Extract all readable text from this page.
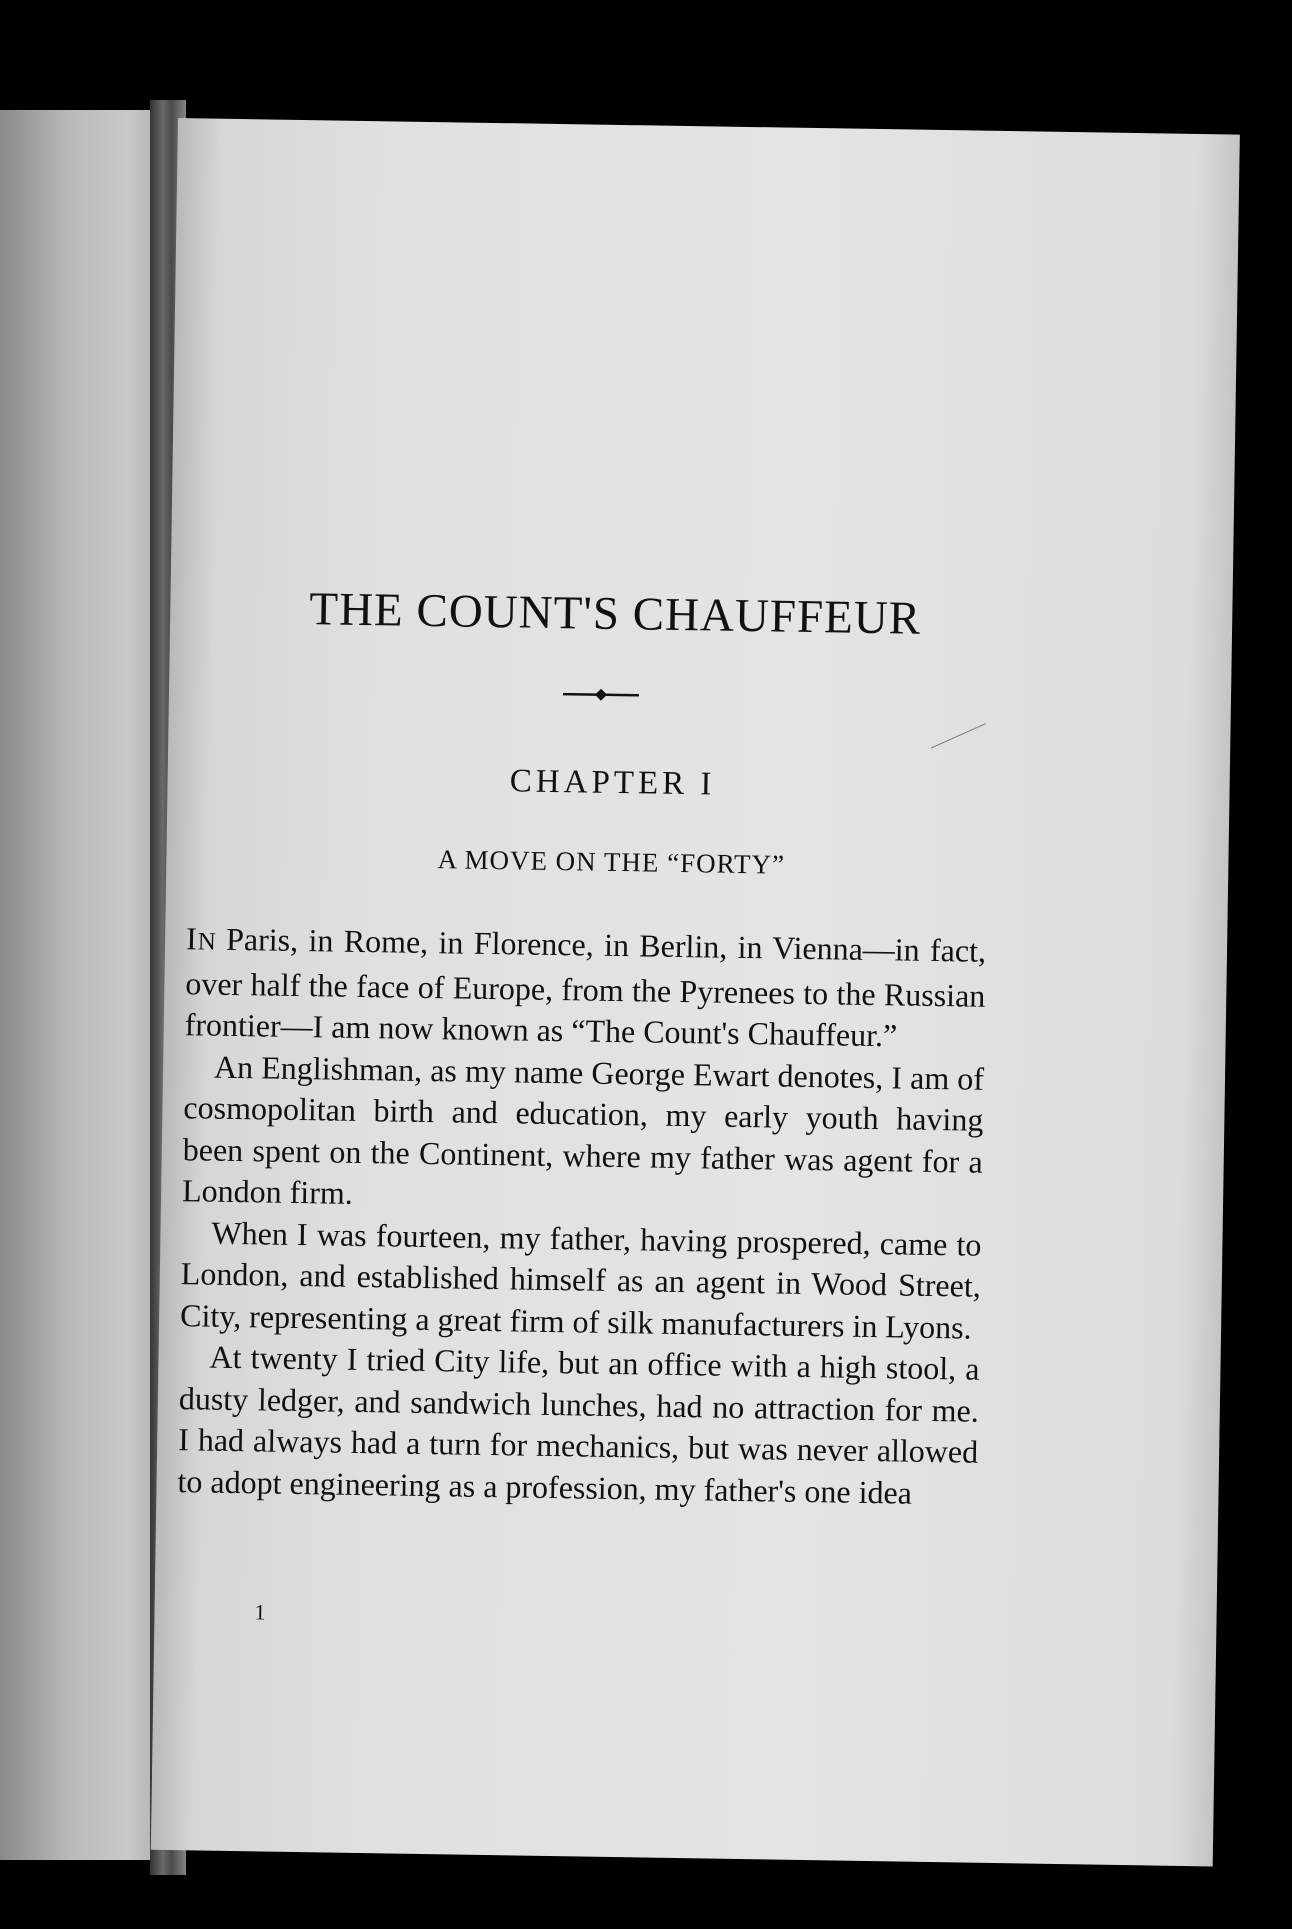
THE COUNT'S CHAUFFEUR
CHAPTER I
A MOVE ON THE “FORTY”

IN Paris, in Rome, in Florence, in Berlin, in Vienna—in fact, over half the face of Europe, from the Pyrenees to the Russian frontier—I am now known as “The Count's Chauffeur.”

An Englishman, as my name George Ewart denotes, I am of cosmopolitan birth and education, my early youth having been spent on the Continent, where my father was agent for a London firm.

When I was fourteen, my father, having prospered, came to London, and established himself as an agent in Wood Street, City, representing a great firm of silk manufacturers in Lyons.

At twenty I tried City life, but an office with a high stool, a dusty ledger, and sandwich lunches, had no attraction for me. I had always had a turn for mechanics, but was never allowed to adopt engineering as a profession, my father's one idea

1
